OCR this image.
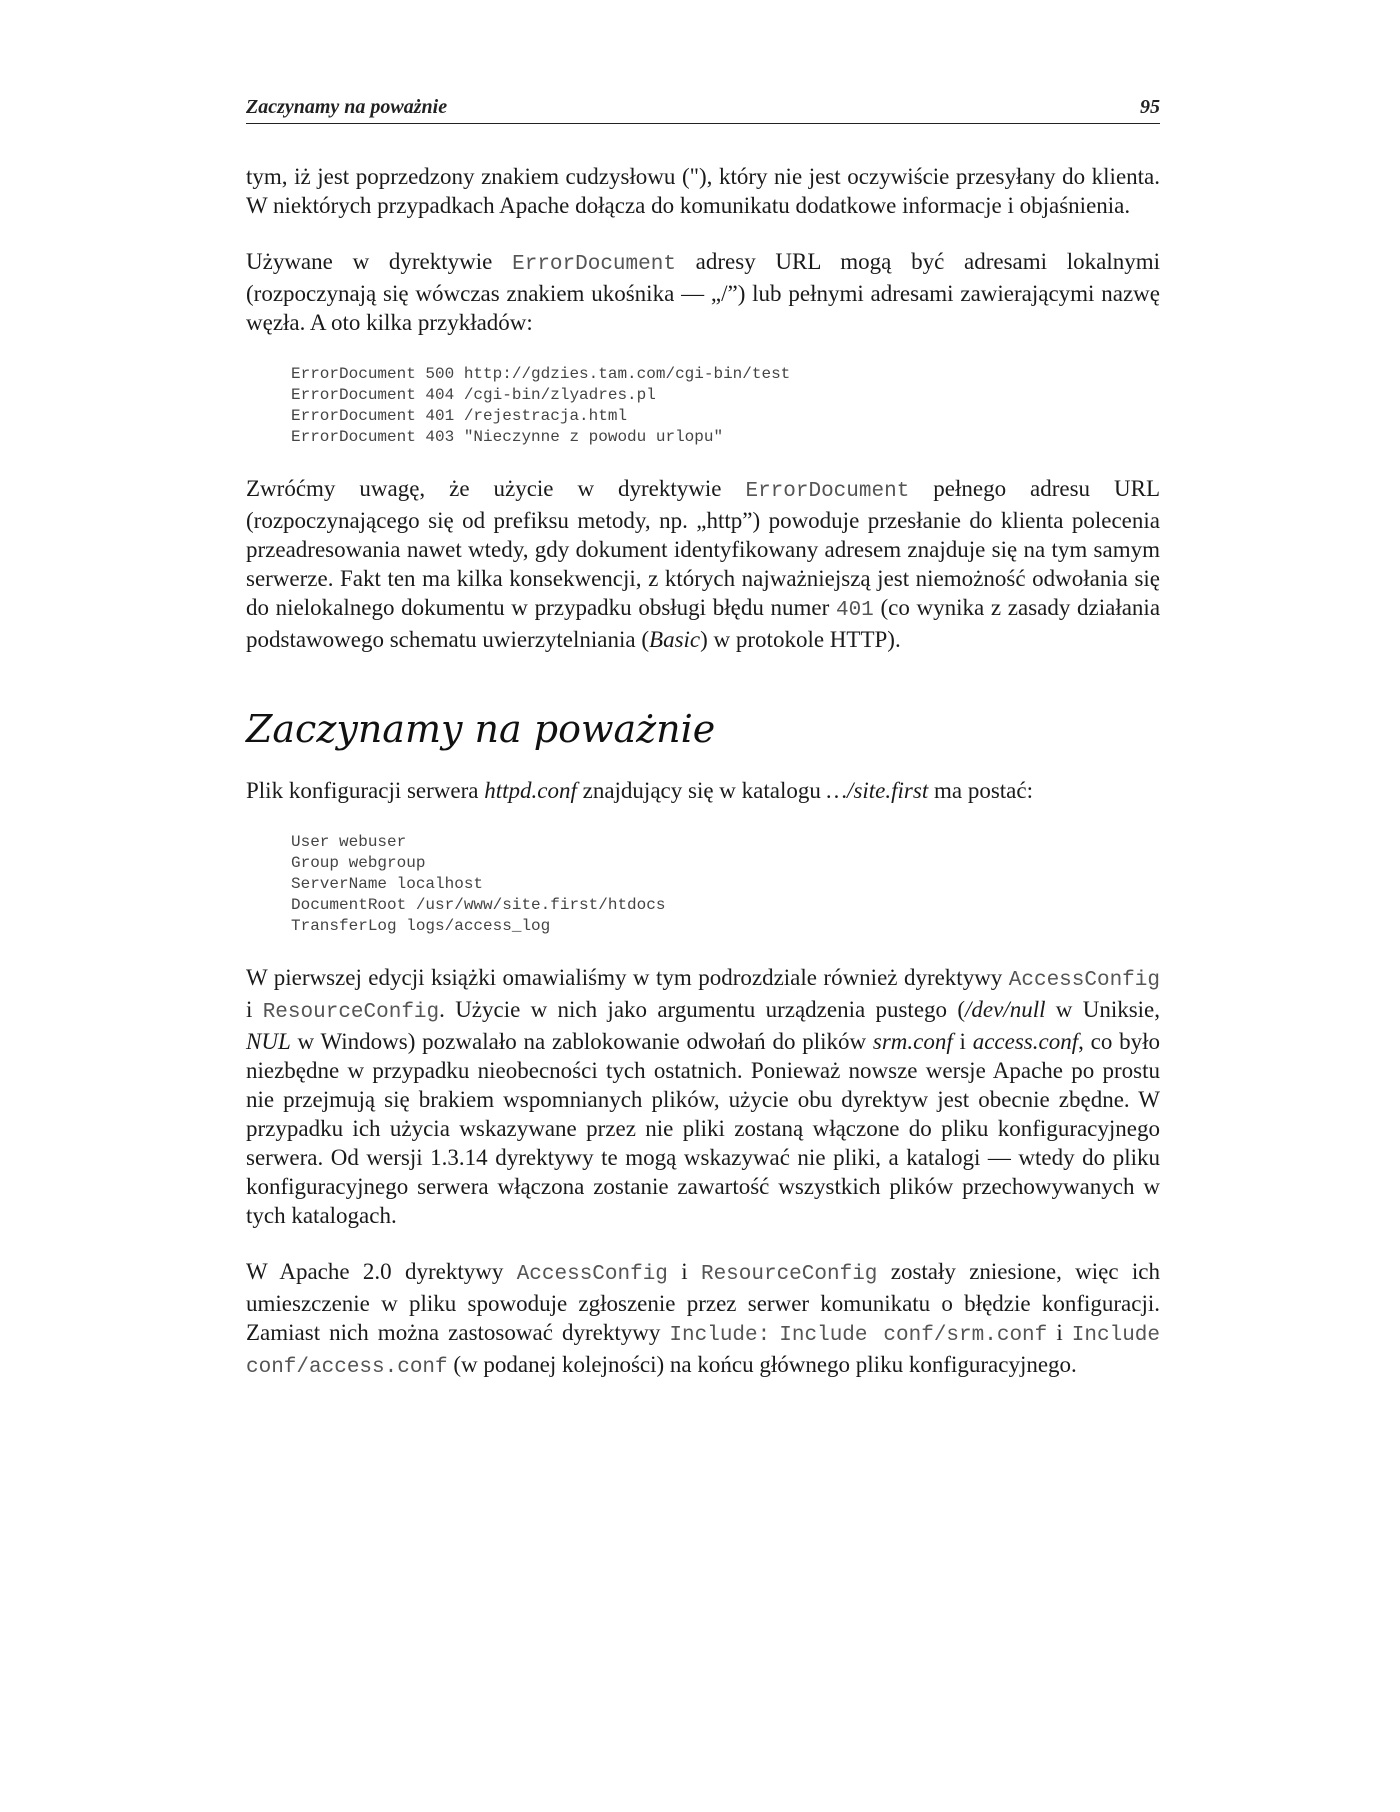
Zaczynamy na poważnie	95

tym, iż jest poprzedzony znakiem cudzysłowu ("), który nie jest oczywiście przesyłany do klienta. W niektórych przypadkach Apache dołącza do komunikatu dodatkowe informacje i objaśnienia.

Używane w dyrektywie ErrorDocument adresy URL mogą być adresami lokalnymi (rozpoczynają się wówczas znakiem ukośnika — „/”) lub pełnymi adresami zawierającymi nazwę węzła. A oto kilka przykładów:

ErrorDocument 500 http://gdzies.tam.com/cgi-bin/test
ErrorDocument 404 /cgi-bin/zlyadres.pl
ErrorDocument 401 /rejestracja.html
ErrorDocument 403 "Nieczynne z powodu urlopu"

Zwróćmy uwagę, że użycie w dyrektywie ErrorDocument pełnego adresu URL (rozpoczynającego się od prefiksu metody, np. „http”) powoduje przesłanie do klienta polecenia przeadresowania nawet wtedy, gdy dokument identyfikowany adresem znajduje się na tym samym serwerze. Fakt ten ma kilka konsekwencji, z których najważniejszą jest niemożność odwołania się do nielokalnego dokumentu w przypadku obsługi błędu numer 401 (co wynika z zasady działania podstawowego schematu uwierzytelniania (Basic) w protokole HTTP).

Zaczynamy na poważnie

Plik konfiguracji serwera httpd.conf znajdujący się w katalogu …/site.first ma postać:

User webuser
Group webgroup
ServerName localhost
DocumentRoot /usr/www/site.first/htdocs
TransferLog logs/access_log

W pierwszej edycji książki omawialiśmy w tym podrozdziale również dyrektywy AccessConfig i ResourceConfig. Użycie w nich jako argumentu urządzenia pustego (/dev/null w Uniksie, NUL w Windows) pozwalało na zablokowanie odwołań do plików srm.conf i access.conf, co było niezbędne w przypadku nieobecności tych ostatnich. Ponieważ nowsze wersje Apache po prostu nie przejmują się brakiem wspomnianych plików, użycie obu dyrektyw jest obecnie zbędne. W przypadku ich użycia wskazywane przez nie pliki zostaną włączone do pliku konfiguracyjnego serwera. Od wersji 1.3.14 dyrektywy te mogą wskazywać nie pliki, a katalogi — wtedy do pliku konfiguracyjnego serwera włączona zostanie zawartość wszystkich plików przechowywanych w tych katalogach.

W Apache 2.0 dyrektywy AccessConfig i ResourceConfig zostały zniesione, więc ich umieszczenie w pliku spowoduje zgłoszenie przez serwer komunikatu o błędzie konfiguracji. Zamiast nich można zastosować dyrektywy Include: Include conf/srm.conf i Include conf/access.conf (w podanej kolejności) na końcu głównego pliku konfiguracyjnego.
